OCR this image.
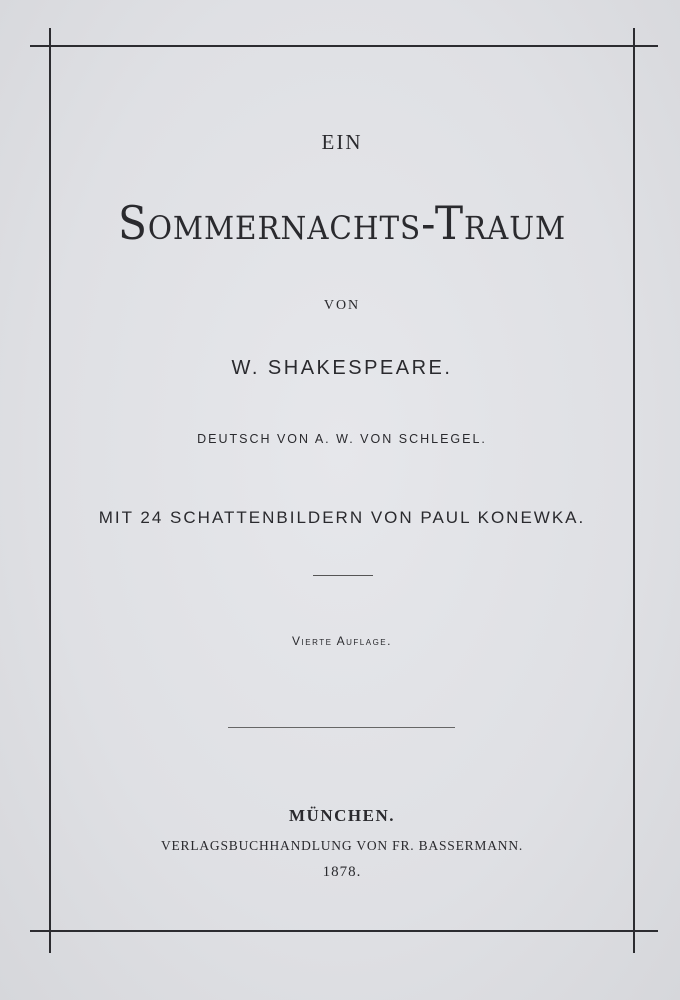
EIN
Sommernachts-Traum
VON
W. SHAKESPEARE.
DEUTSCH VON A. W. VON SCHLEGEL.
MIT 24 SCHATTENBILDERN VON PAUL KONEWKA.
Vierte Auflage.
MÜNCHEN.
VERLAGSBUCHHANDLUNG VON FR. BASSERMANN.
1878.
